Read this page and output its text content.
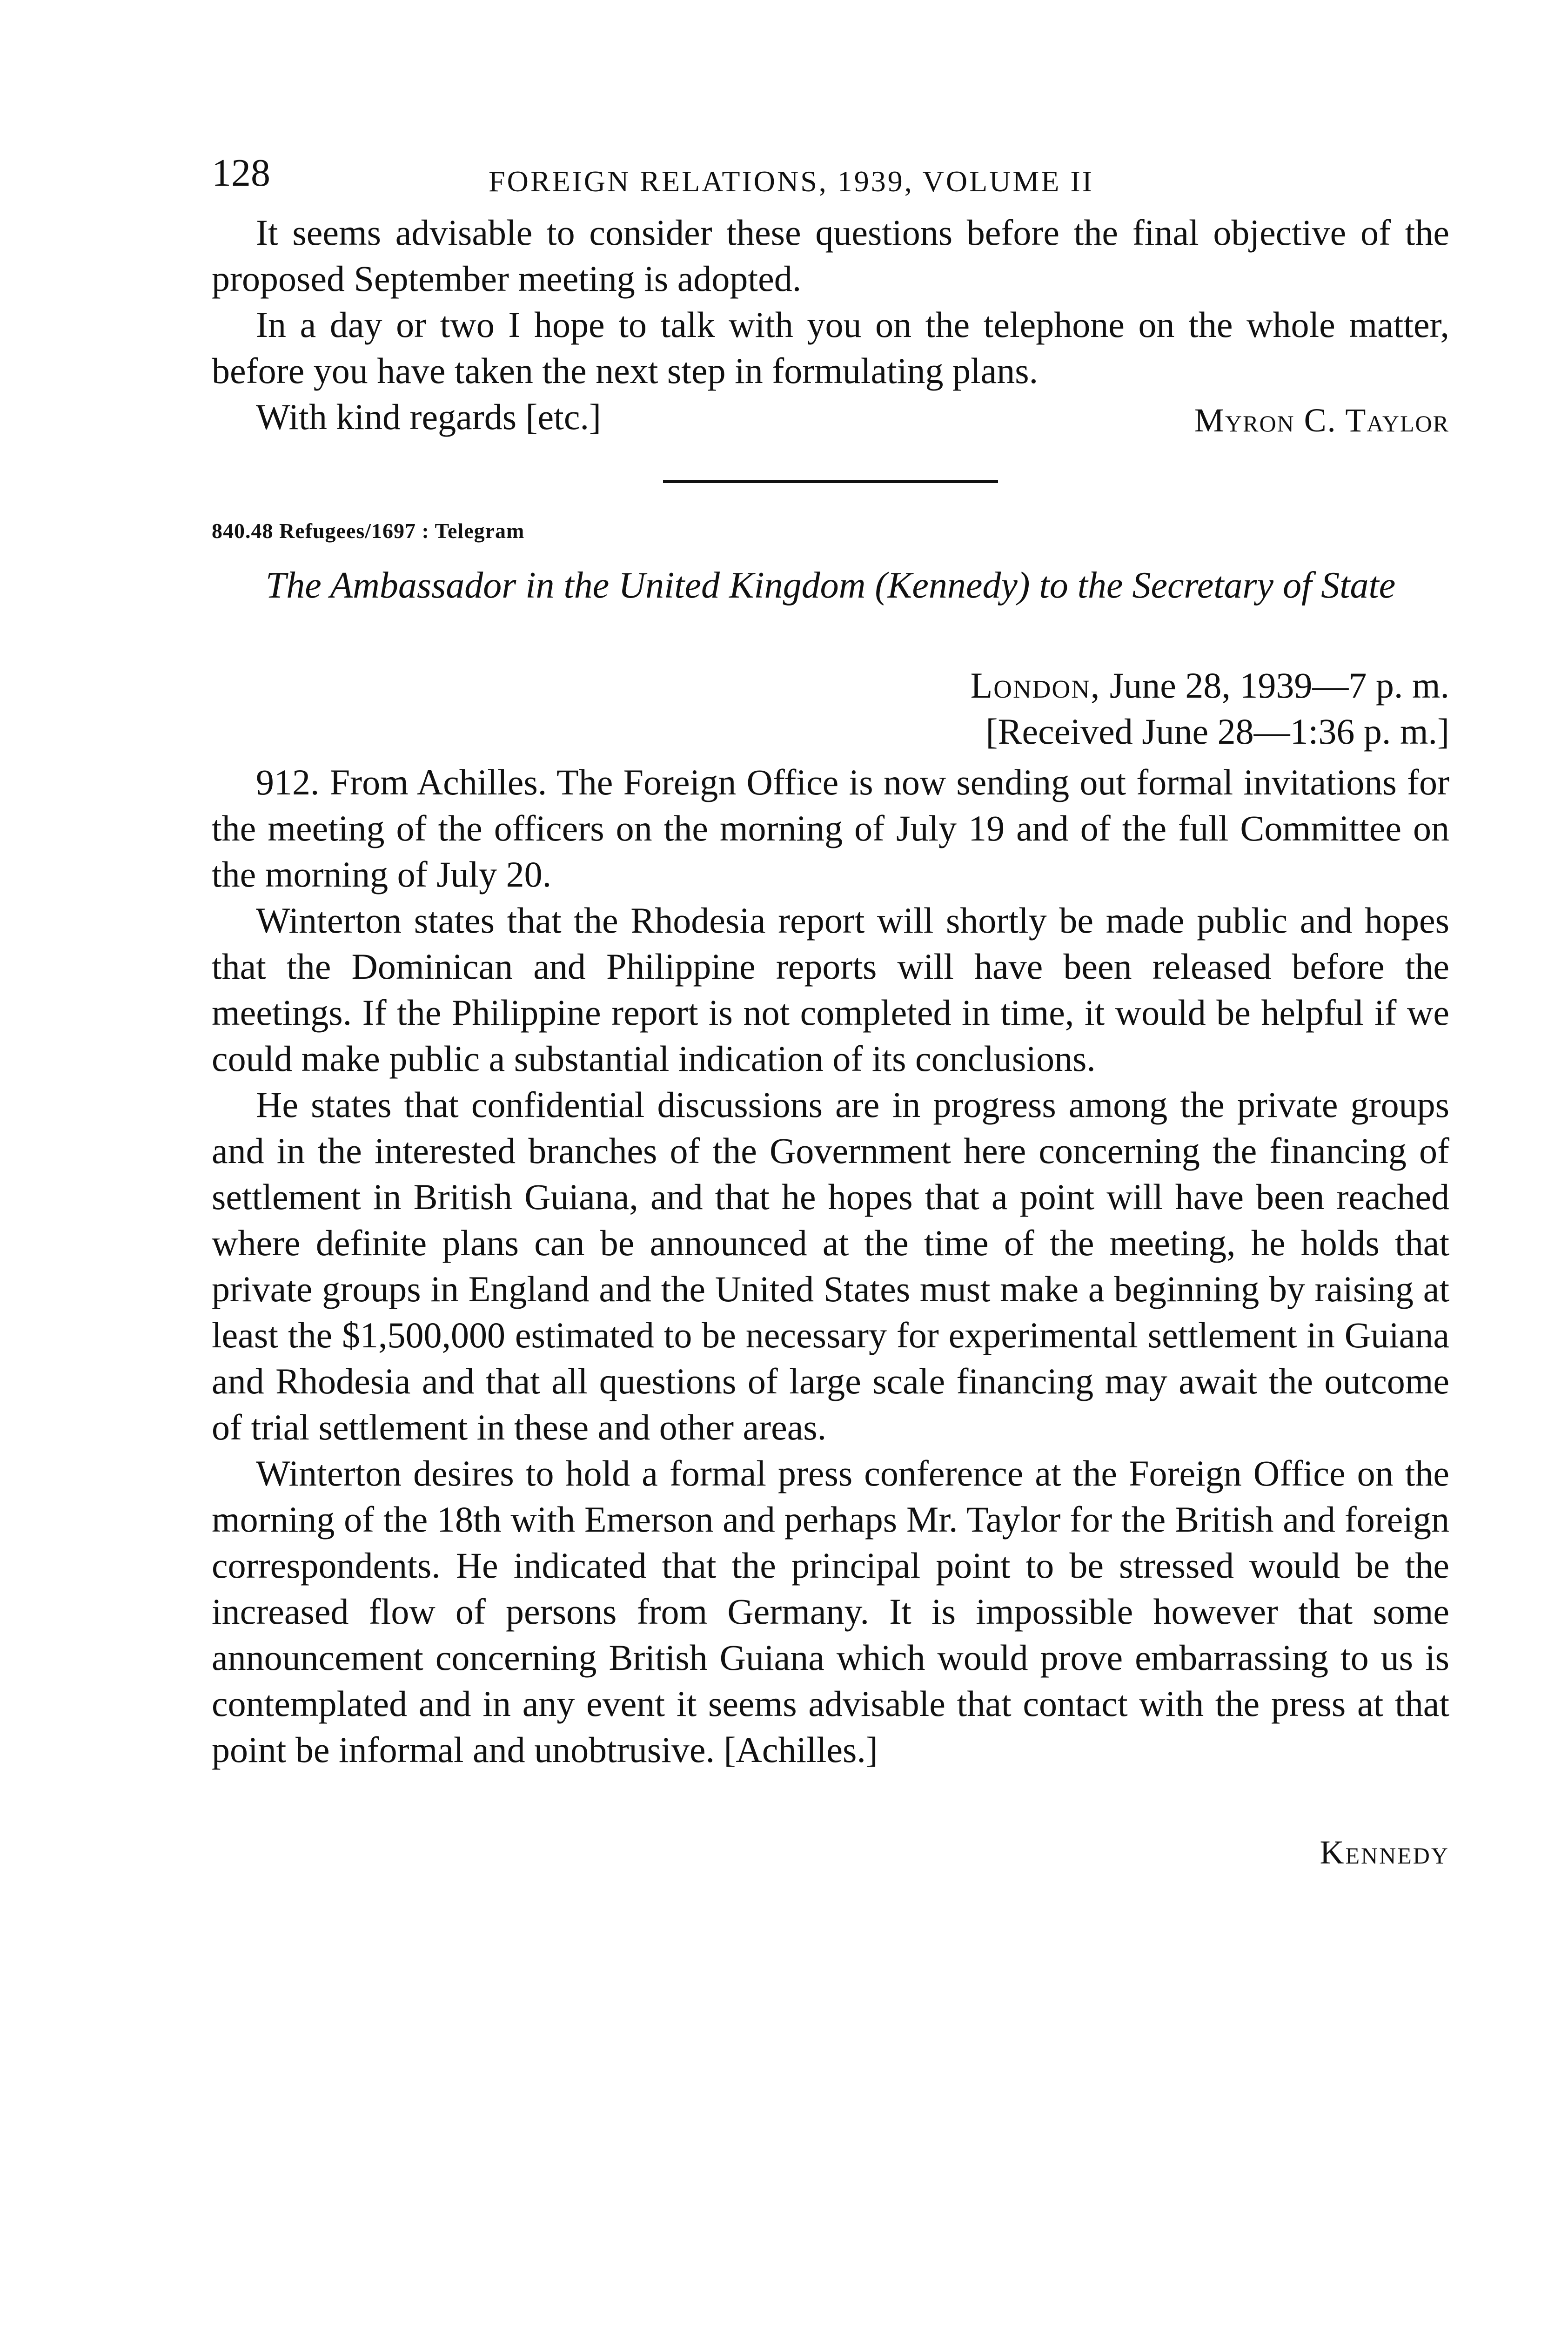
128	FOREIGN RELATIONS, 1939, VOLUME II

It seems advisable to consider these questions before the final objective of the proposed September meeting is adopted.

In a day or two I hope to talk with you on the telephone on the whole matter, before you have taken the next step in formulating plans.

With kind regards [etc.]	Myron C. Taylor
840.48 Refugees/1697 : Telegram
The Ambassador in the United Kingdom (Kennedy) to the Secretary of State
London, June 28, 1939—7 p. m.
[Received June 28—1:36 p. m.]

912. From Achilles. The Foreign Office is now sending out formal invitations for the meeting of the officers on the morning of July 19 and of the full Committee on the morning of July 20.

Winterton states that the Rhodesia report will shortly be made public and hopes that the Dominican and Philippine reports will have been released before the meetings. If the Philippine report is not completed in time, it would be helpful if we could make public a substantial indication of its conclusions.

He states that confidential discussions are in progress among the private groups and in the interested branches of the Government here concerning the financing of settlement in British Guiana, and that he hopes that a point will have been reached where definite plans can be announced at the time of the meeting, he holds that private groups in England and the United States must make a beginning by raising at least the $1,500,000 estimated to be necessary for experimental settlement in Guiana and Rhodesia and that all questions of large scale financing may await the outcome of trial settlement in these and other areas.

Winterton desires to hold a formal press conference at the Foreign Office on the morning of the 18th with Emerson and perhaps Mr. Taylor for the British and foreign correspondents. He indicated that the principal point to be stressed would be the increased flow of persons from Germany. It is impossible however that some announcement concerning British Guiana which would prove embarrassing to us is contemplated and in any event it seems advisable that contact with the press at that point be informal and unobtrusive. [Achilles.]

Kennedy
